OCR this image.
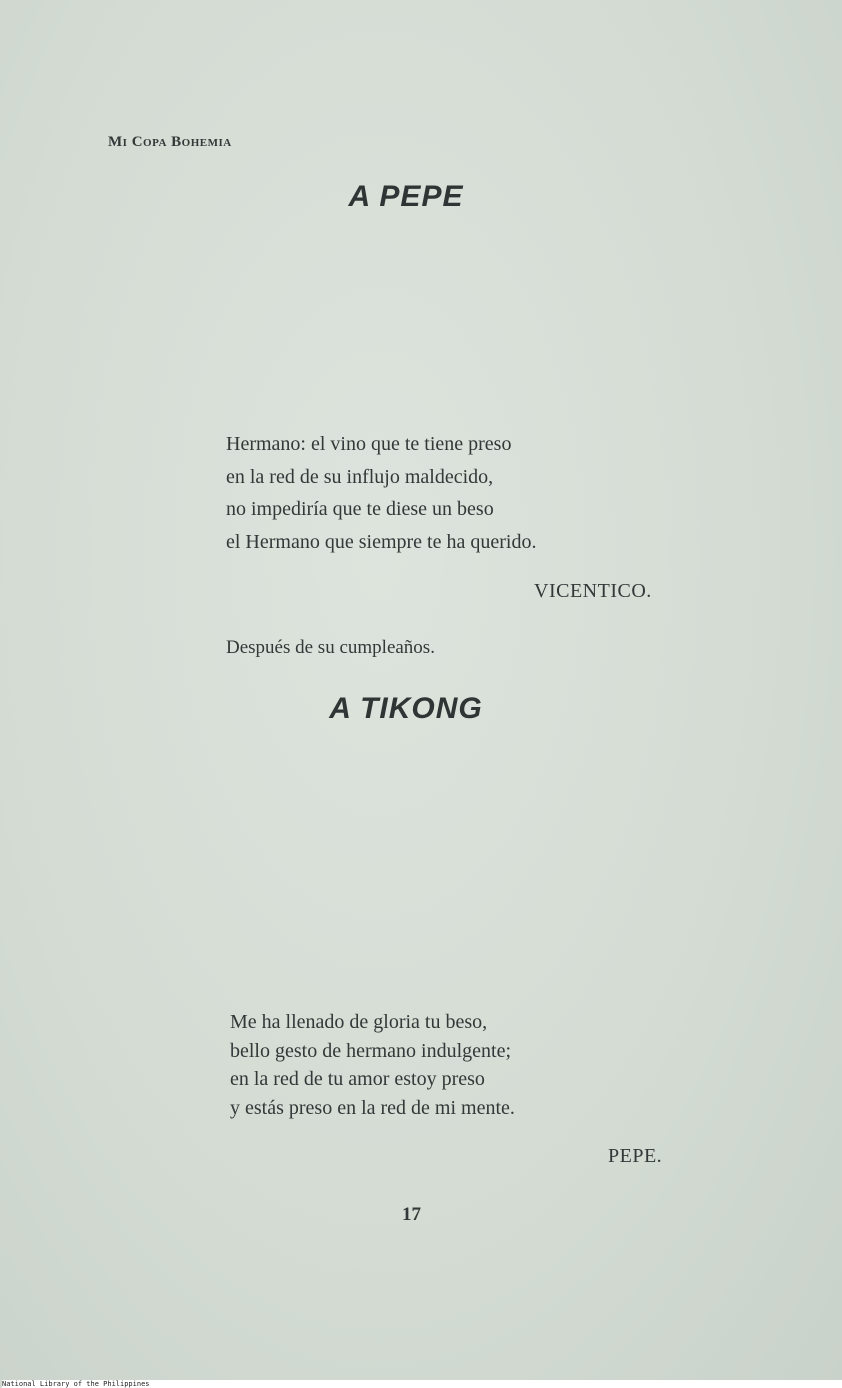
Mi Copa Bohemia
A PEPE
Hermano: el vino que te tiene preso
en la red de su influjo maldecido,
no impediría que te diese un beso
el Hermano que siempre te ha querido.
VICENTICO.
Después de su cumpleaños.
A TIKONG
Me ha llenado de gloria tu beso,
bello gesto de hermano indulgente;
en la red de tu amor estoy preso
y estás preso en la red de mi mente.
PEPE.
17
National Library of the Philippines
